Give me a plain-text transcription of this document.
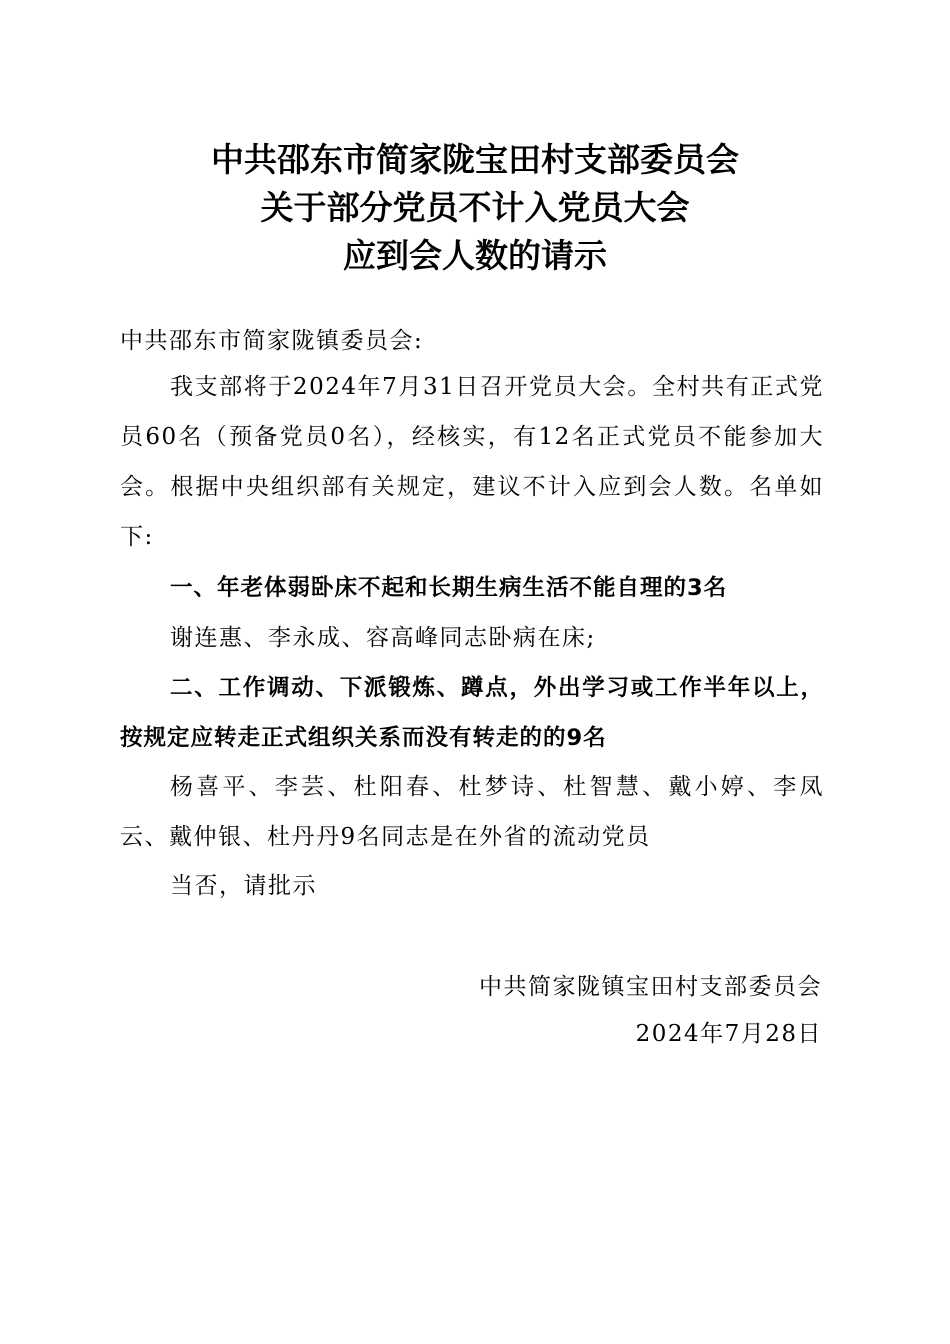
中共邵东市简家陇宝田村支部委员会
关于部分党员不计入党员大会
应到会人数的请示
中共邵东市简家陇镇委员会:
我支部将于2024年7月31日召开党员大会。全村共有正式党员60名（预备党员0名），经核实，有12名正式党员不能参加大会。根据中央组织部有关规定，建议不计入应到会人数。名单如下:
一、年老体弱卧床不起和长期生病生活不能自理的3名
谢连惠、李永成、容高峰同志卧病在床;
二、工作调动、下派锻炼、蹲点，外出学习或工作半年以上，按规定应转走正式组织关系而没有转走的的9名
杨喜平、李芸、杜阳春、杜梦诗、杜智慧、戴小婷、李凤云、戴仲银、杜丹丹9名同志是在外省的流动党员
当否，请批示
中共简家陇镇宝田村支部委员会
2024年7月28日
